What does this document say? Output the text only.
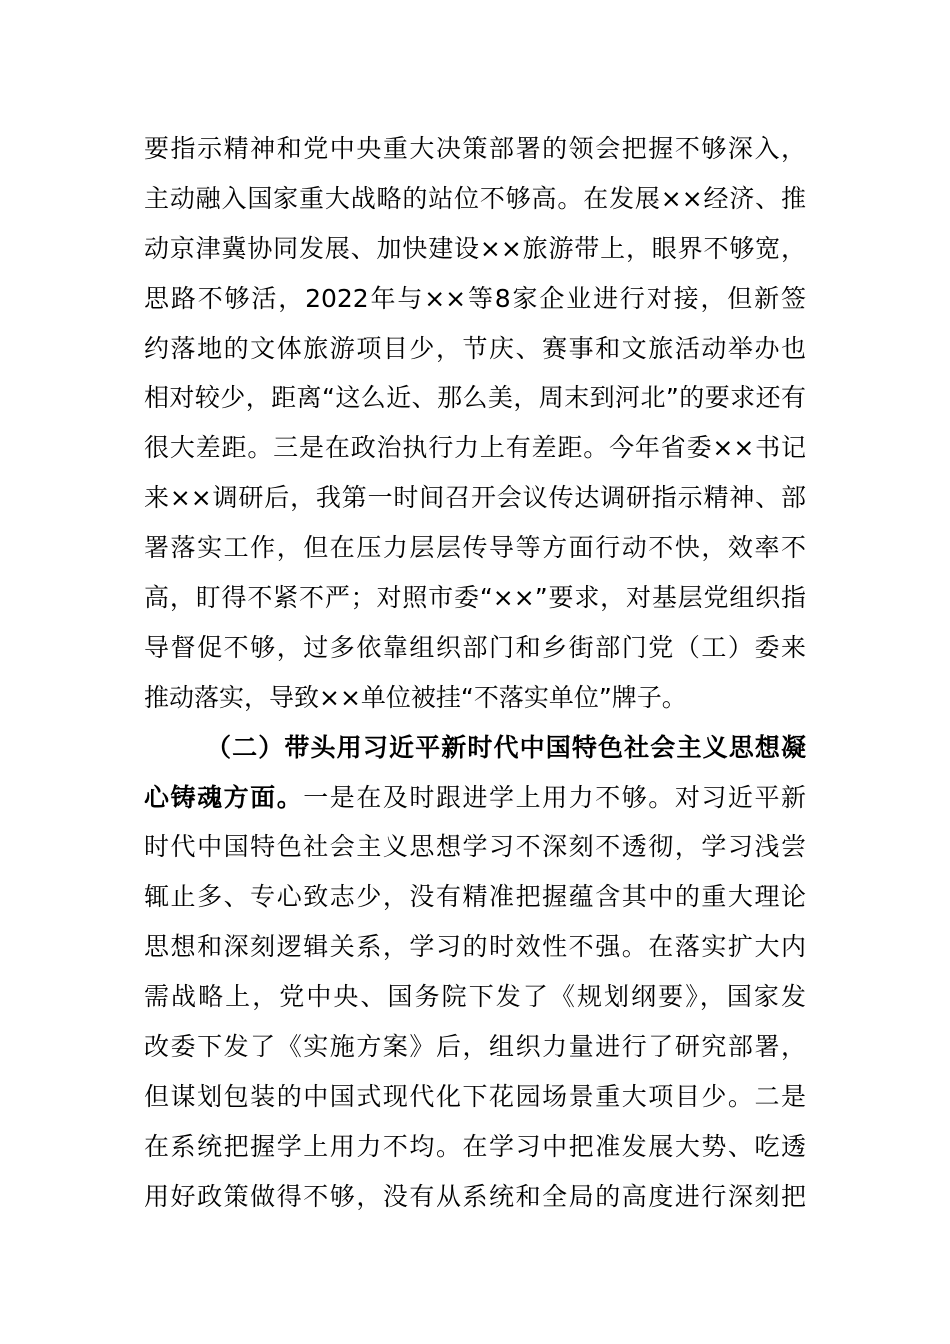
要指示精神和党中央重大决策部署的领会把握不够深入，
主动融入国家重大战略的站位不够高。在发展××经济、推
动京津冀协同发展、加快建设××旅游带上，眼界不够宽，
思路不够活，2022年与××等8家企业进行对接，但新签
约落地的文体旅游项目少，节庆、赛事和文旅活动举办也
相对较少，距离“这么近、那么美，周末到河北”的要求还有
很大差距。三是在政治执行力上有差距。今年省委××书记
来××调研后，我第一时间召开会议传达调研指示精神、部
署落实工作，但在压力层层传导等方面行动不快，效率不
高，盯得不紧不严；对照市委“××”要求，对基层党组织指
导督促不够，过多依靠组织部门和乡街部门党（工）委来
推动落实，导致××单位被挂“不落实单位”牌子。
（二）带头用习近平新时代中国特色社会主义思想凝
心铸魂方面。一是在及时跟进学上用力不够。对习近平新
时代中国特色社会主义思想学习不深刻不透彻，学习浅尝
辄止多、专心致志少，没有精准把握蕴含其中的重大理论
思想和深刻逻辑关系，学习的时效性不强。在落实扩大内
需战略上，党中央、国务院下发了《规划纲要》，国家发
改委下发了《实施方案》后，组织力量进行了研究部署，
但谋划包装的中国式现代化下花园场景重大项目少。二是
在系统把握学上用力不均。在学习中把准发展大势、吃透
用好政策做得不够，没有从系统和全局的高度进行深刻把
